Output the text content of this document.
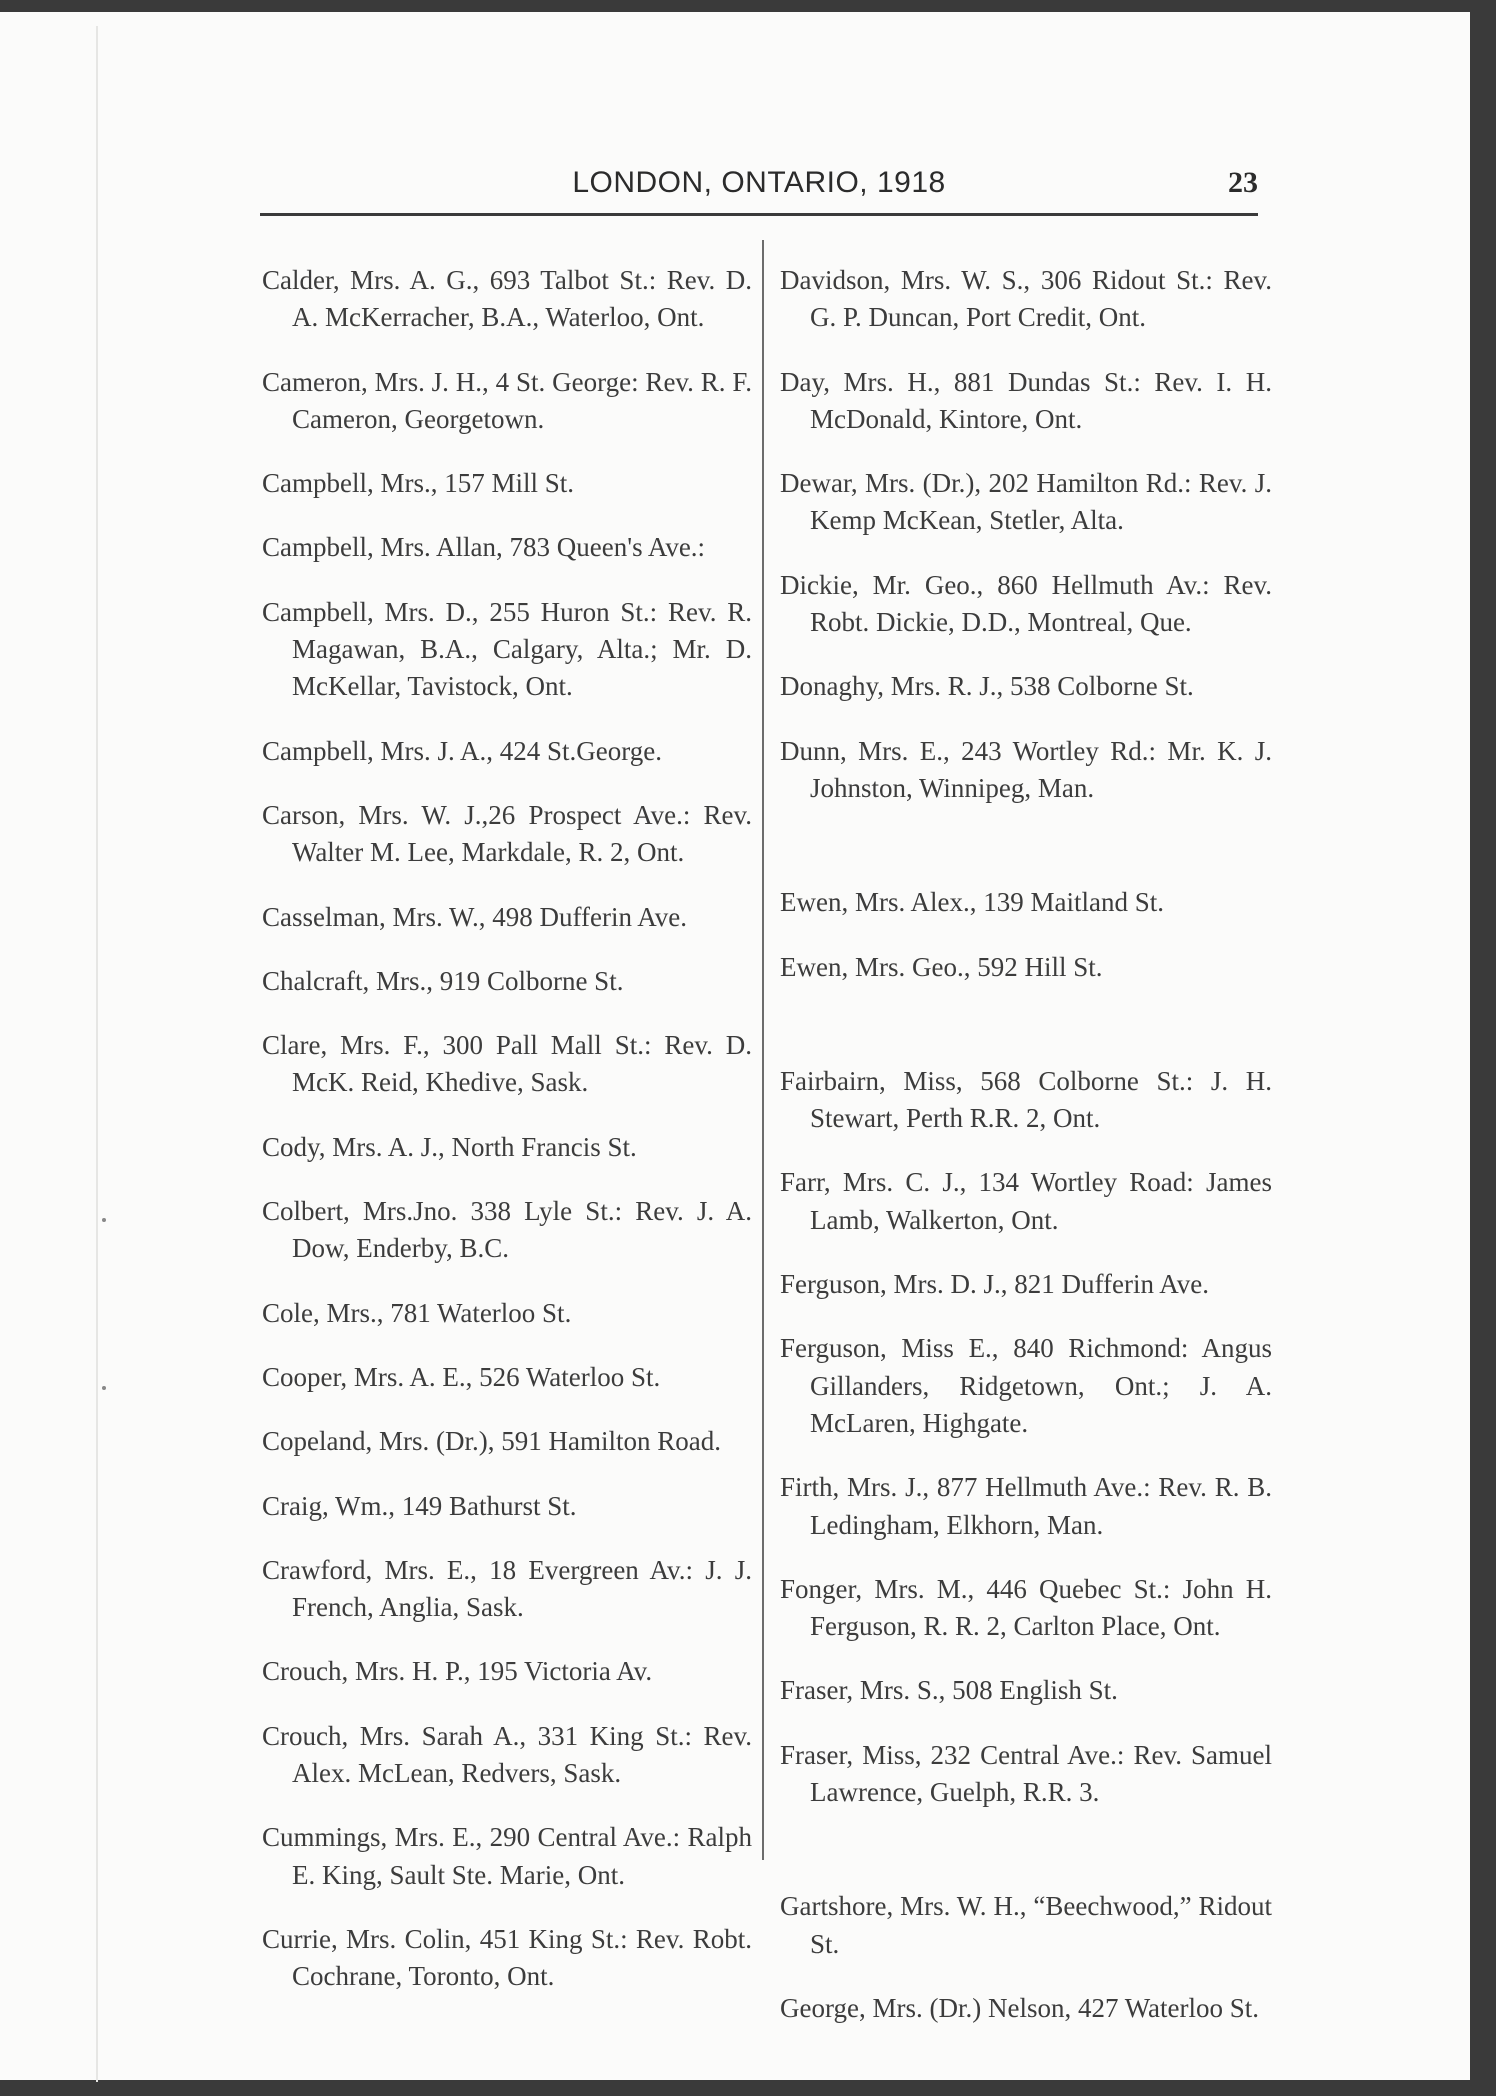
LONDON, ONTARIO, 1918	23

Calder, Mrs. A. G., 693 Talbot St.: Rev. D. A. McKerracher, B.A., Waterloo, Ont.

Cameron, Mrs. J. H., 4 St. George: Rev. R. F. Cameron, Georgetown.

Campbell, Mrs., 157 Mill St.

Campbell, Mrs. Allan, 783 Queen's Ave.:

Campbell, Mrs. D., 255 Huron St.: Rev. R. Magawan, B.A., Calgary, Alta.; Mr. D. McKellar, Tavistock, Ont.

Campbell, Mrs. J. A., 424 St.George.

Carson, Mrs. W. J.,26 Prospect Ave.: Rev. Walter M. Lee, Markdale, R. 2, Ont.

Casselman, Mrs. W., 498 Dufferin Ave.

Chalcraft, Mrs., 919 Colborne St.

Clare, Mrs. F., 300 Pall Mall St.: Rev. D. McK. Reid, Khedive, Sask.

Cody, Mrs. A. J., North Francis St.

Colbert, Mrs.Jno. 338 Lyle St.: Rev. J. A. Dow, Enderby, B.C.

Cole, Mrs., 781 Waterloo St.

Cooper, Mrs. A. E., 526 Waterloo St.

Copeland, Mrs. (Dr.), 591 Hamilton Road.

Craig, Wm., 149 Bathurst St.

Crawford, Mrs. E., 18 Evergreen Av.: J. J. French, Anglia, Sask.

Crouch, Mrs. H. P., 195 Victoria Av.

Crouch, Mrs. Sarah A., 331 King St.: Rev. Alex. McLean, Redvers, Sask.

Cummings, Mrs. E., 290 Central Ave.: Ralph E. King, Sault Ste. Marie, Ont.

Currie, Mrs. Colin, 451 King St.: Rev. Robt. Cochrane, Toronto, Ont.

Davidson, Mrs. W. S., 306 Ridout St.: Rev. G. P. Duncan, Port Credit, Ont.

Day, Mrs. H., 881 Dundas St.: Rev. I. H. McDonald, Kintore, Ont.

Dewar, Mrs. (Dr.), 202 Hamilton Rd.: Rev. J. Kemp McKean, Stetler, Alta.

Dickie, Mr. Geo., 860 Hellmuth Av.: Rev. Robt. Dickie, D.D., Montreal, Que.

Donaghy, Mrs. R. J., 538 Colborne St.

Dunn, Mrs. E., 243 Wortley Rd.: Mr. K. J. Johnston, Winnipeg, Man.

Ewen, Mrs. Alex., 139 Maitland St.

Ewen, Mrs. Geo., 592 Hill St.

Fairbairn, Miss, 568 Colborne St.: J. H. Stewart, Perth R.R. 2, Ont.

Farr, Mrs. C. J., 134 Wortley Road: James Lamb, Walkerton, Ont.

Ferguson, Mrs. D. J., 821 Dufferin Ave.

Ferguson, Miss E., 840 Richmond: Angus Gillanders, Ridgetown, Ont.; J. A. McLaren, Highgate.

Firth, Mrs. J., 877 Hellmuth Ave.: Rev. R. B. Ledingham, Elkhorn, Man.

Fonger, Mrs. M., 446 Quebec St.: John H. Ferguson, R. R. 2, Carlton Place, Ont.

Fraser, Mrs. S., 508 English St.

Fraser, Miss, 232 Central Ave.: Rev. Samuel Lawrence, Guelph, R.R. 3.

Gartshore, Mrs. W. H., “Beechwood,” Ridout St.

George, Mrs. (Dr.) Nelson, 427 Waterloo St.
